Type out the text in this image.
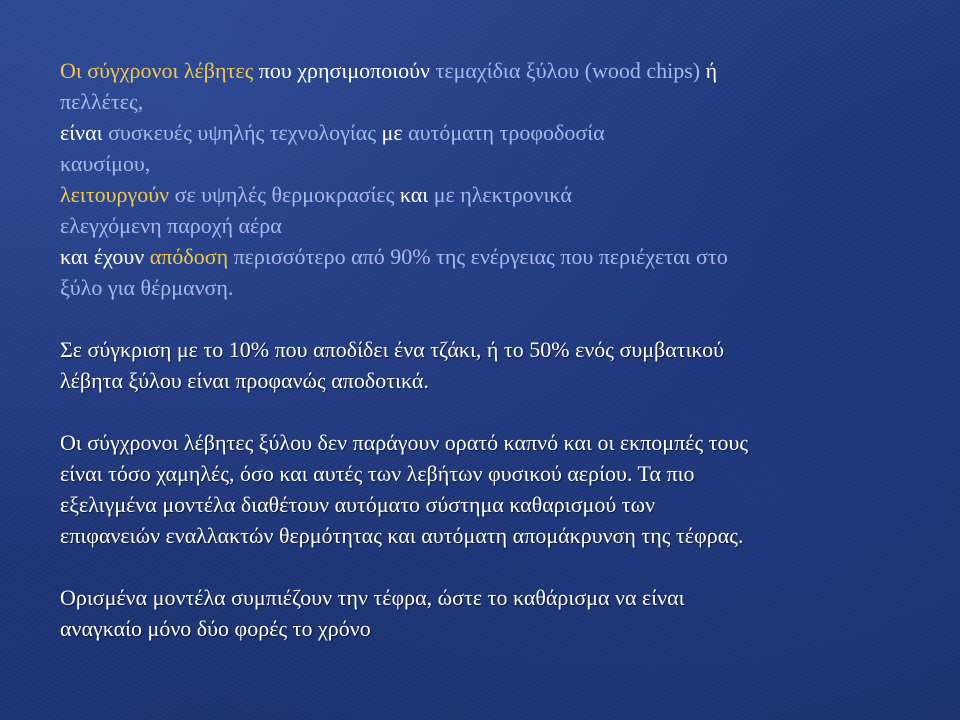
Οι σύγχρονοι λέβητες που χρησιμοποιούν τεμαχίδια ξύλου (wood chips) ή
πελλέτες,
είναι συσκευές υψηλής τεχνολογίας με αυτόματη τροφοδοσία
καυσίμου,
λειτουργούν σε υψηλές θερμοκρασίες και με ηλεκτρονικά
ελεγχόμενη παροχή αέρα
και έχουν απόδοση περισσότερο από 90% της ενέργειας που περιέχεται στο
ξύλο για θέρμανση.
Σε σύγκριση με το 10% που αποδίδει ένα τζάκι, ή το 50% ενός συμβατικού
λέβητα ξύλου είναι προφανώς αποδοτικά.
Οι σύγχρονοι λέβητες ξύλου δεν παράγουν ορατό καπνό και οι εκπομπές τους
είναι τόσο χαμηλές, όσο και αυτές των λεβήτων φυσικού αερίου. Τα πιο
εξελιγμένα μοντέλα διαθέτουν αυτόματο σύστημα καθαρισμού των
επιφανειών εναλλακτών θερμότητας και αυτόματη απομάκρυνση της τέφρας.
Ορισμένα μοντέλα συμπιέζουν την τέφρα, ώστε το καθάρισμα να είναι
αναγκαίο μόνο δύο φορές το χρόνο
